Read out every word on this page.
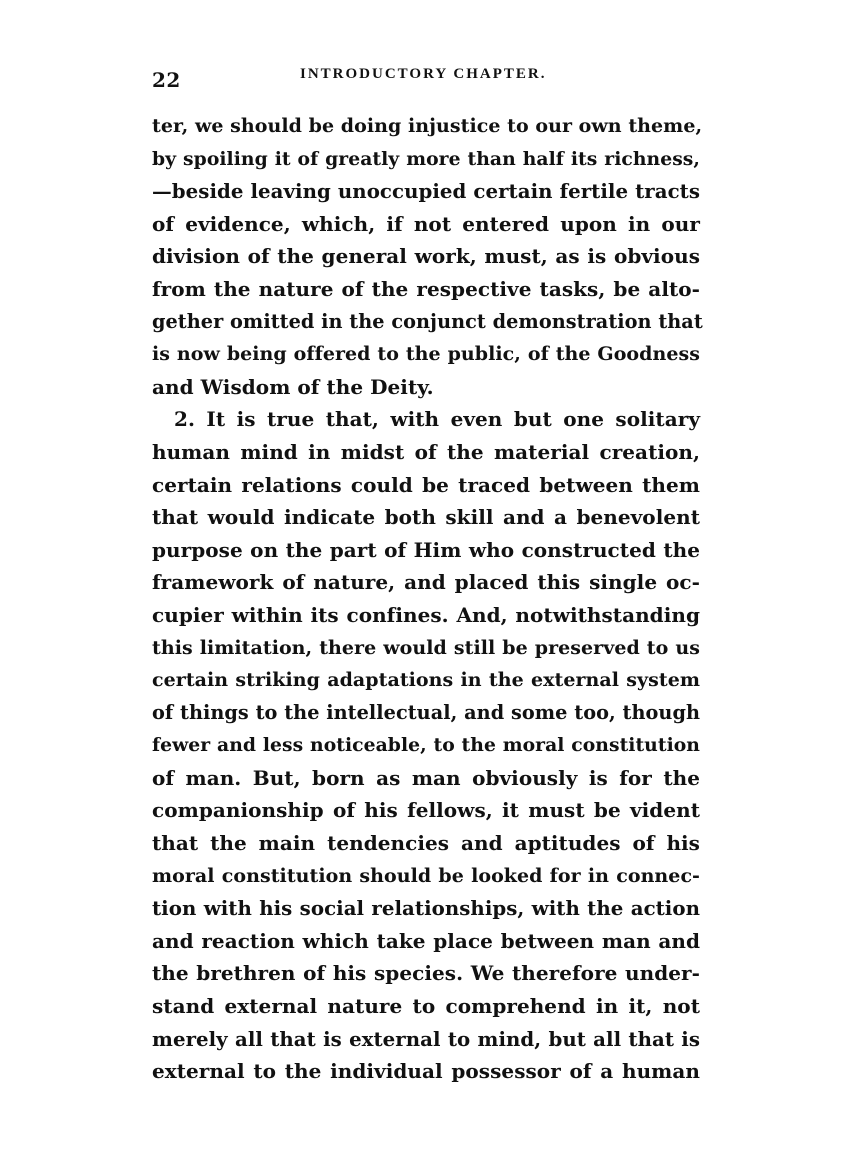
22	INTRODUCTORY CHAPTER.
ter, we should be doing injustice to our own theme,
by spoiling it of greatly more than half its richness,
—beside leaving unoccupied certain fertile tracts
of evidence, which, if not entered upon in our
division of the general work, must, as is obvious
from the nature of the respective tasks, be alto-
gether omitted in the conjunct demonstration that
is now being offered to the public, of the Goodness
and Wisdom of the Deity.
2. It is true that, with even but one solitary
human mind in midst of the material creation,
certain relations could be traced between them
that would indicate both skill and a benevolent
purpose on the part of Him who constructed the
framework of nature, and placed this single oc-
cupier within its confines. And, notwithstanding
this limitation, there would still be preserved to us
certain striking adaptations in the external system
of things to the intellectual, and some too, though
fewer and less noticeable, to the moral constitution
of man. But, born as man obviously is for the
companionship of his fellows, it must be vident
that the main tendencies and aptitudes of his
moral constitution should be looked for in connec-
tion with his social relationships, with the action
and reaction which take place between man and
the brethren of his species. We therefore under-
stand external nature to comprehend in it, not
merely all that is external to mind, but all that is
external to the individual possessor of a human
